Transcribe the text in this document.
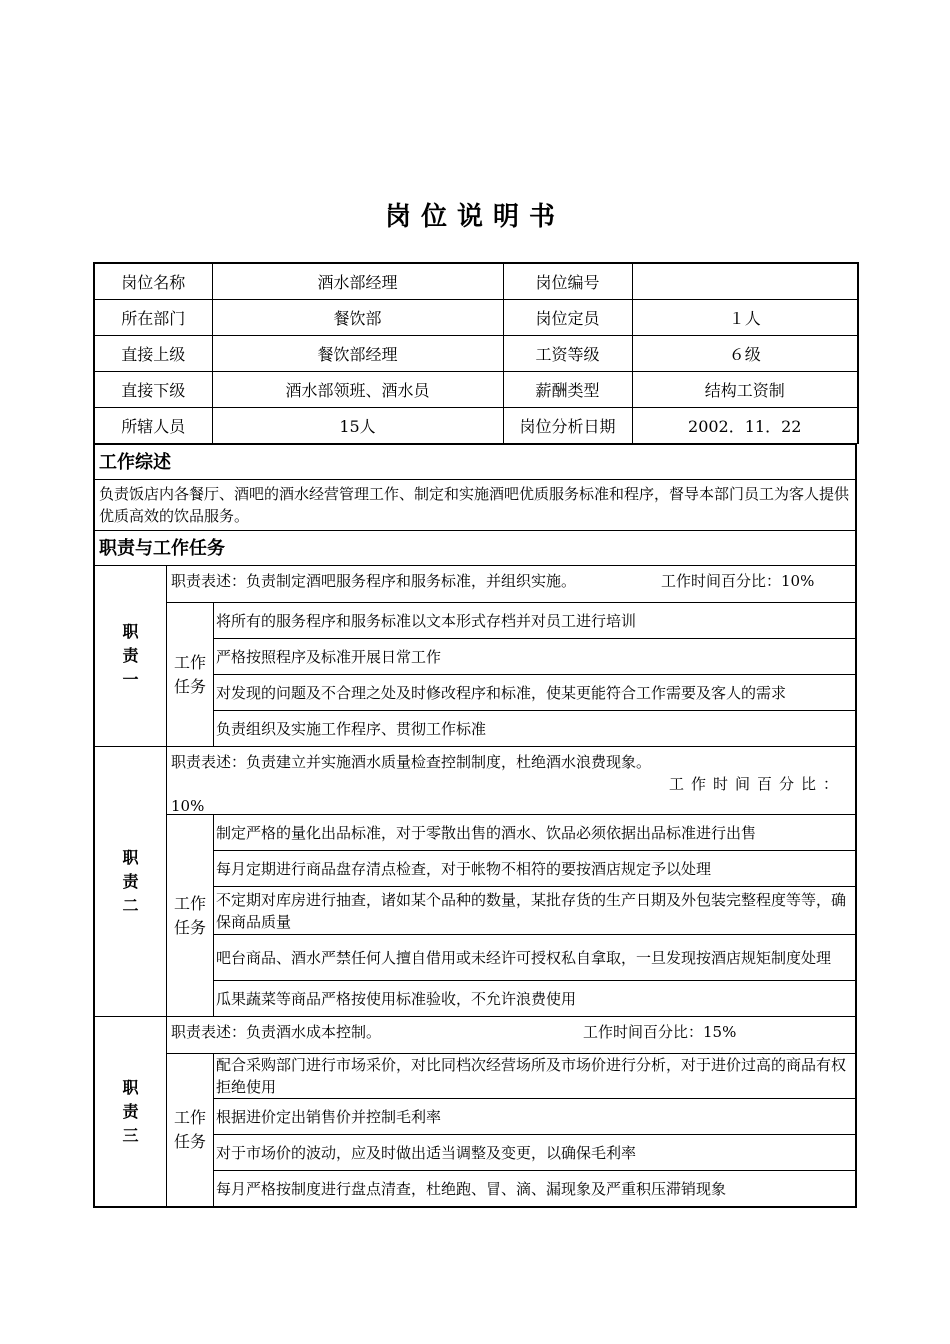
岗位说明书
岗位名称	酒水部经理	岗位编号	
所在部门	餐饮部	岗位定员	１人
直接上级	餐饮部经理	工资等级	６级
直接下级	酒水部领班、酒水员	薪酬类型	结构工资制
所辖人员	15人	岗位分析日期	2002．11．22
工作综述
负责饭店内各餐厅、酒吧的酒水经营管理工作、制定和实施酒吧优质服务标准和程序，督导本部门员工为客人提供优质高效的饮品服务。
职责与工作任务
职责一
职责表述：负责制定酒吧服务程序和服务标准，并组织实施。	工作时间百分比：10%
工作任务
将所有的服务程序和服务标准以文本形式存档并对员工进行培训
严格按照程序及标准开展日常工作
对发现的问题及不合理之处及时修改程序和标准，使某更能符合工作需要及客人的需求
负责组织及实施工作程序、贯彻工作标准
职责二
职责表述：负责建立并实施酒水质量检查控制制度，杜绝酒水浪费现象。
工作时间百分比：
10%
工作任务
制定严格的量化出品标准，对于零散出售的酒水、饮品必须依据出品标准进行出售
每月定期进行商品盘存清点检查，对于帐物不相符的要按酒店规定予以处理
不定期对库房进行抽查，诸如某个品种的数量，某批存货的生产日期及外包装完整程度等等，确保商品质量
吧台商品、酒水严禁任何人擅自借用或未经许可授权私自拿取，一旦发现按酒店规矩制度处理
瓜果蔬菜等商品严格按使用标准验收，不允许浪费使用
职责三
职责表述：负责酒水成本控制。	工作时间百分比：15%
工作任务
配合采购部门进行市场采价，对比同档次经营场所及市场价进行分析，对于进价过高的商品有权拒绝使用
根据进价定出销售价并控制毛利率
对于市场价的波动，应及时做出适当调整及变更，以确保毛利率
每月严格按制度进行盘点清查，杜绝跑、冒、滴、漏现象及严重积压滞销现象
